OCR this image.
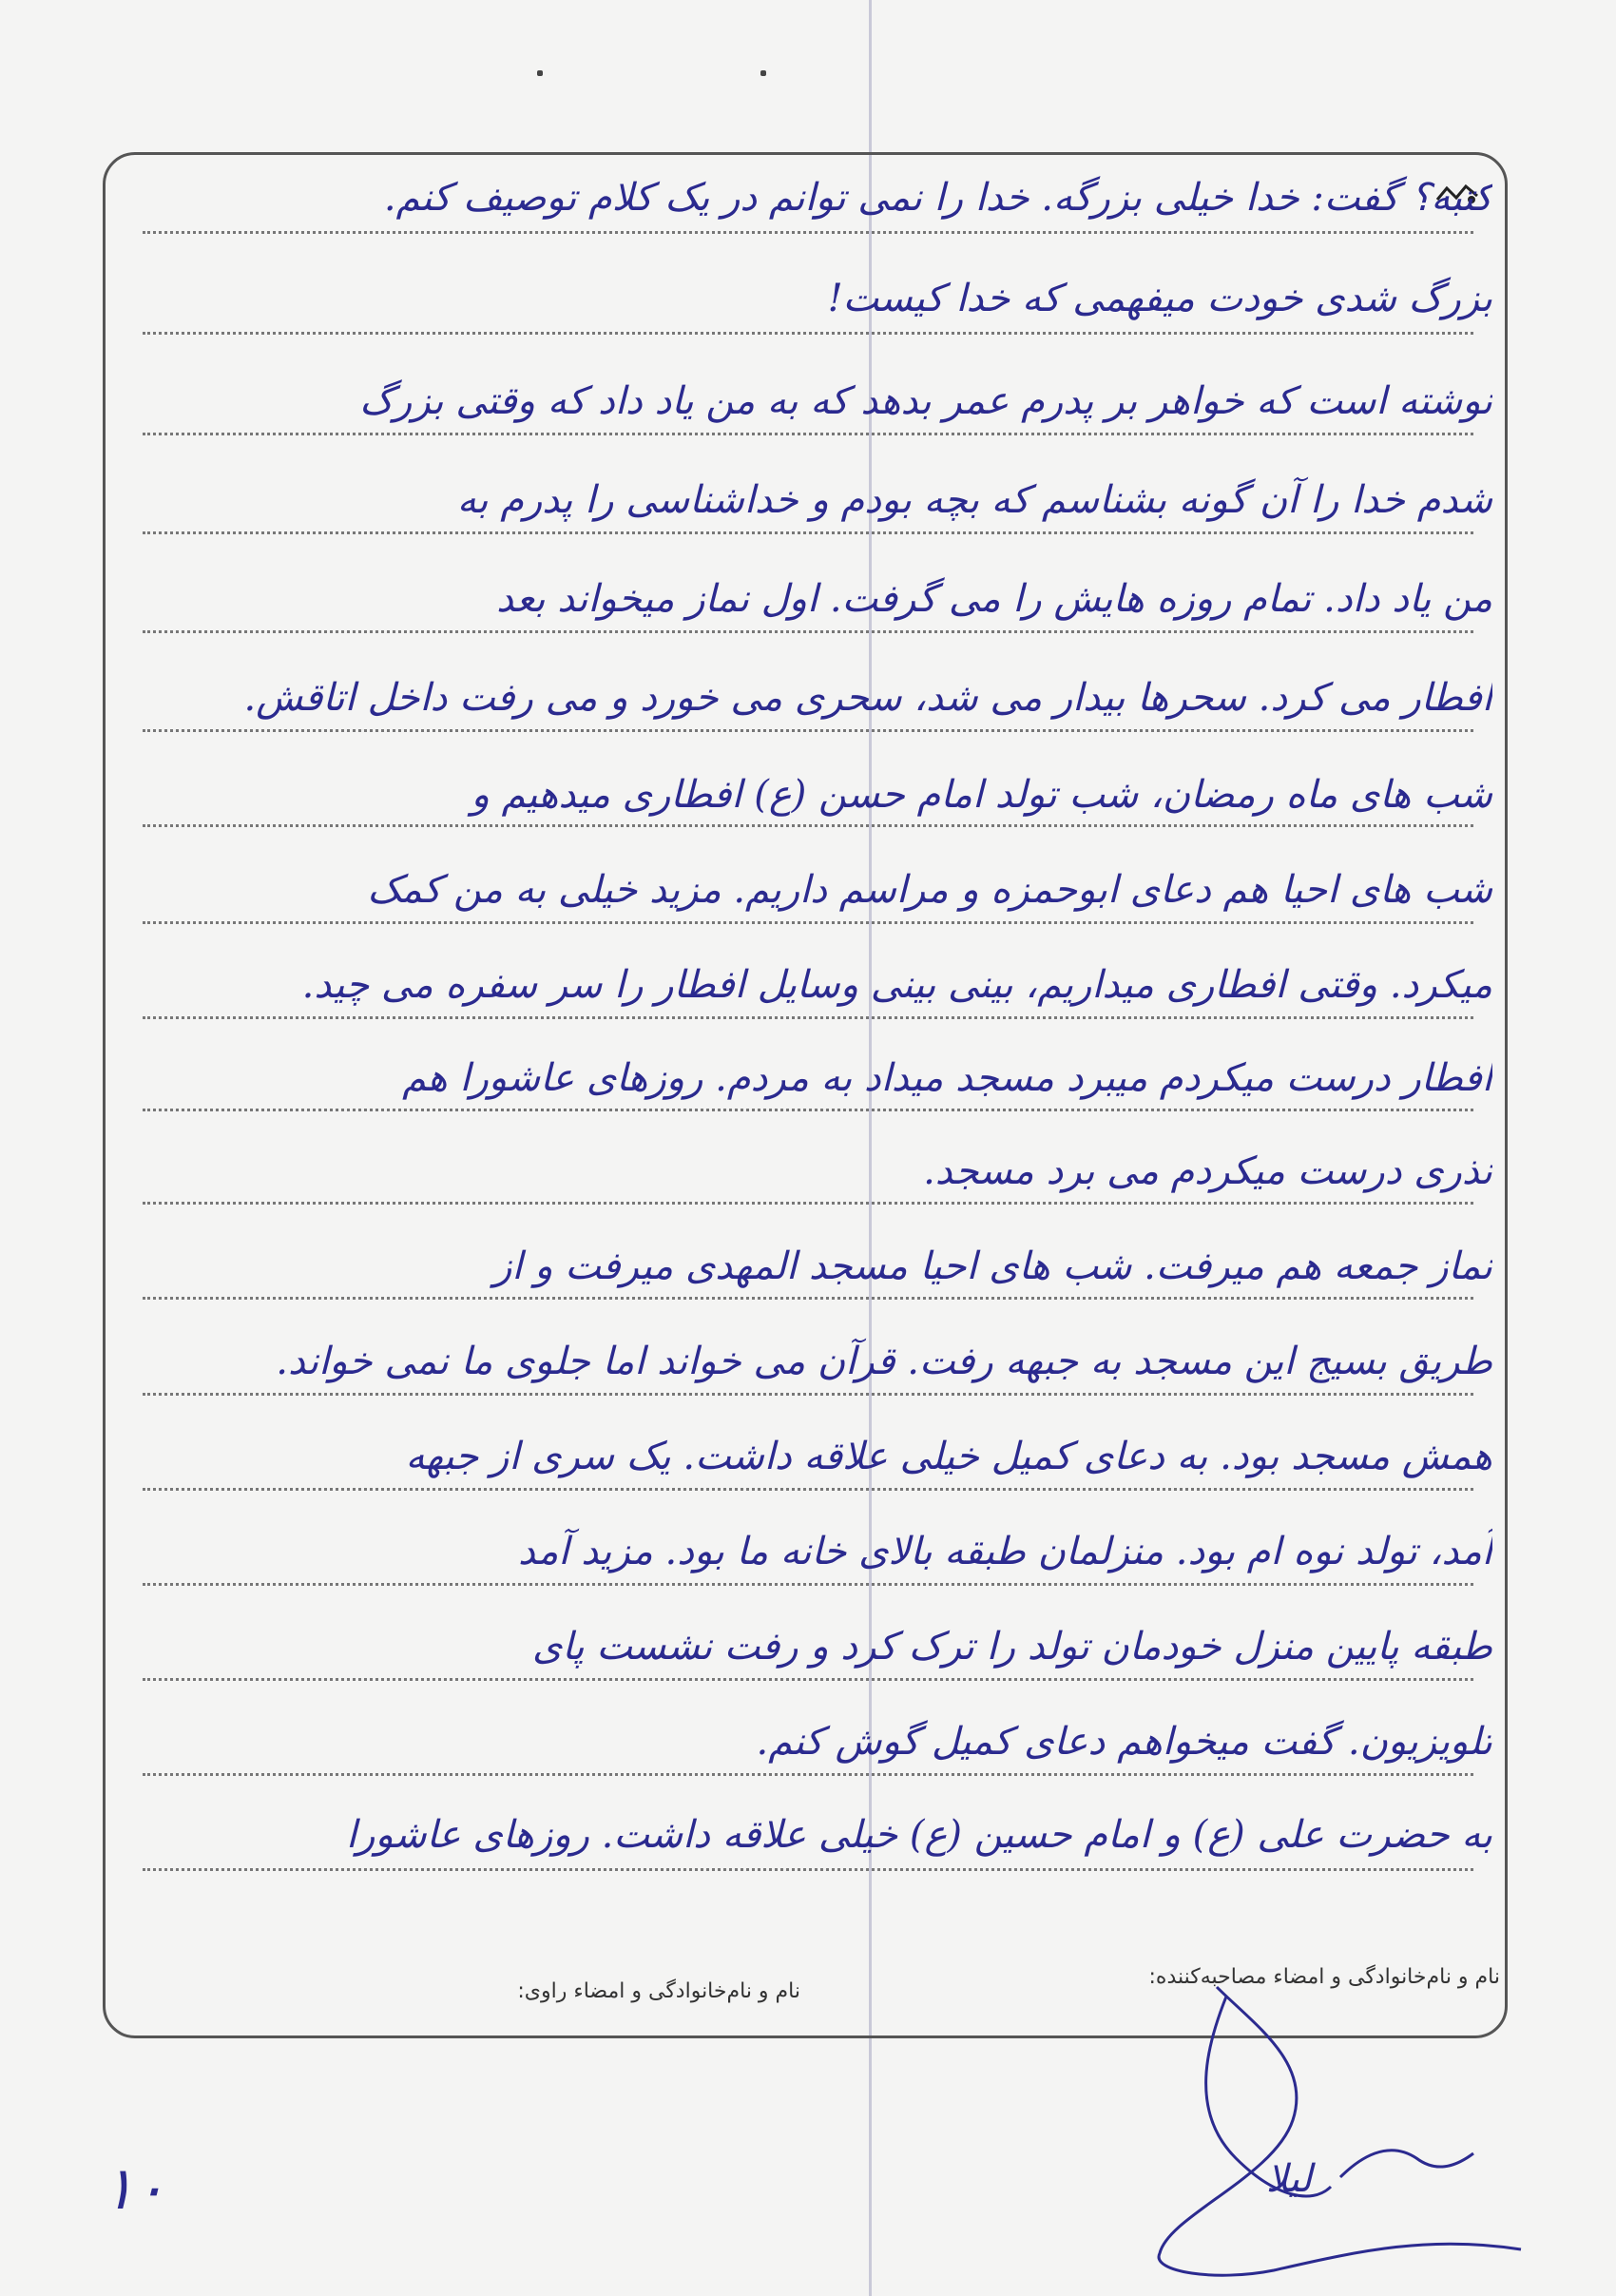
کتبه؟ گفت: خدا خیلی بزرگه. خدا را نمی توانم در یک کلام توصیف کنم.
بزرگ شدی خودت میفهمی که خدا کیست!
نوشته است که خواهر بر پدرم عمر بدهد که به من یاد داد که وقتی بزرگ
شدم خدا را آن گونه بشناسم که بچه بودم و خداشناسی را پدرم به
من یاد داد. تمام روزه هایش را می گرفت. اول نماز میخواند بعد
افطار می کرد. سحرها بیدار می شد، سحری می خورد و می رفت داخل اتاقش.
شب های ماه رمضان، شب تولد امام حسن (ع) افطاری میدهیم و
شب های احیا هم دعای ابوحمزه و مراسم داریم. مزید خیلی به من کمک
میکرد. وقتی افطاری میداریم، بینی بینی وسایل افطار را سر سفره می چید.
افطار درست میکردم میبرد مسجد میداد به مردم. روزهای عاشورا هم
نذری درست میکردم می برد مسجد.
نماز جمعه هم میرفت. شب های احیا مسجد المهدی میرفت و از
طریق بسیج این مسجد به جبهه رفت. قرآن می خواند اما جلوی ما نمی خواند.
همش مسجد بود. به دعای کمیل خیلی علاقه داشت. یک سری از جبهه
آمد، تولد نوه ام بود. منزلمان طبقه بالای خانه ما بود. مزید آمد
طبقه پایین منزل خودمان تولد را ترک کرد و رفت نشست پای
تلویزیون. گفت میخواهم دعای کمیل گوش کنم.
به حضرت علی (ع) و امام حسین (ع) خیلی علاقه داشت. روزهای عاشورا
نام و نام‌خانوادگی و امضاء مصاحبه‌کننده:
نام و نام‌خانوادگی و امضاء راوی:
لیلا
۱۰
